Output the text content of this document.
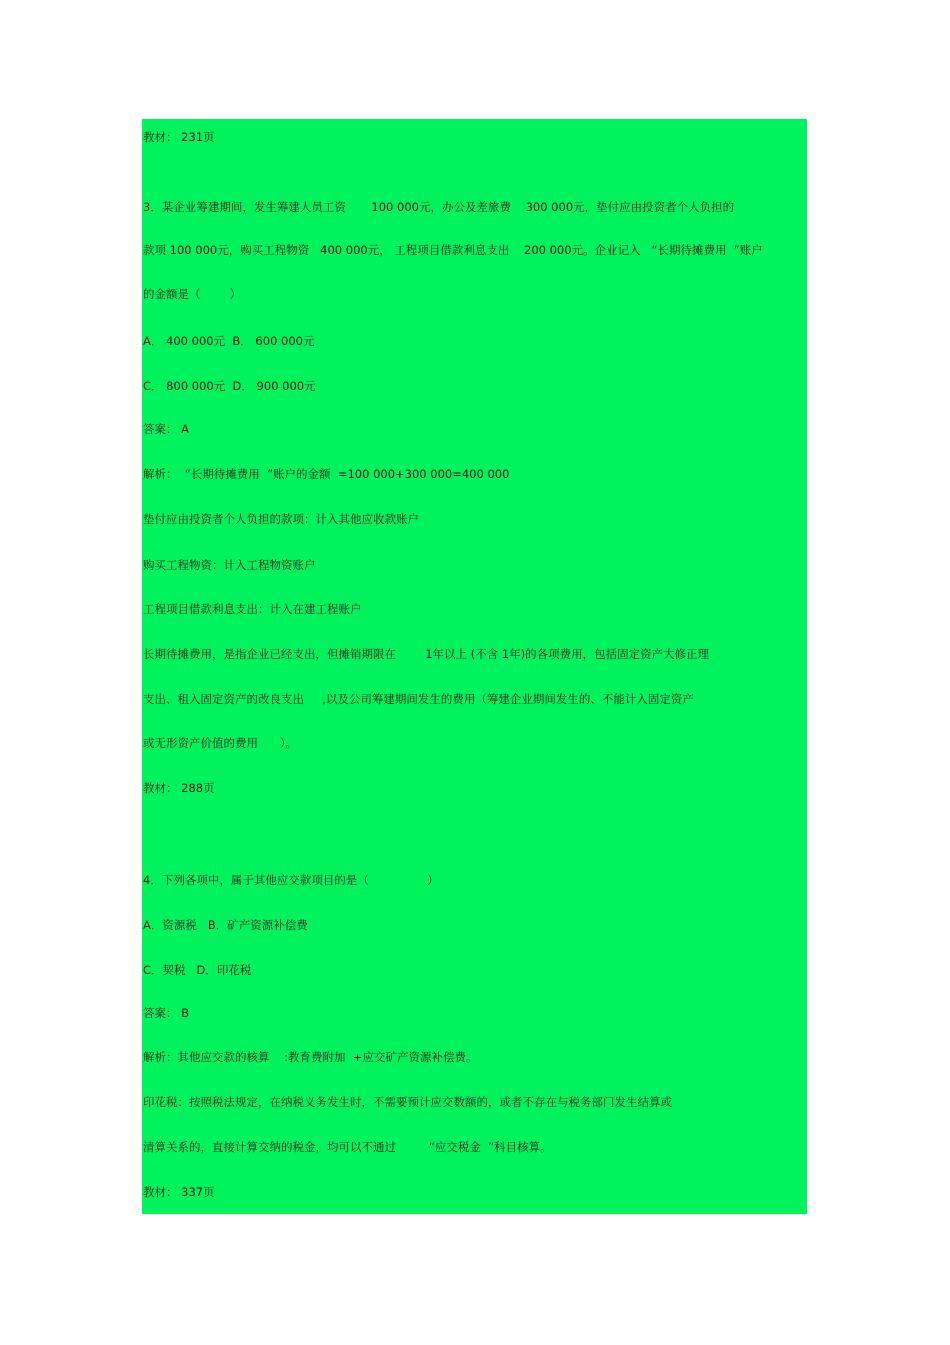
教材： 231页

3．某企业筹建期间，发生筹建人员工资       100 000元，办公及差旅费    300 000元，垫付应由投资者个人负担的

款项 100 000元，购买工程物资   400 000元， 工程项目借款利息支出    200 000元。企业记入   “长期待摊费用  ”账户

的金额是（        ）

A． 400 000元  B． 600 000元

C． 800 000元  D． 900 000元

答案： A

解析：  “长期待摊费用  ”账户的金额  =100 000+300 000=400 000

垫付应由投资者个人负担的款项：计入其他应收款账户

购买工程物资：计入工程物资账户

工程项目借款利息支出：计入在建工程账户

长期待摊费用，是指企业已经支出，但摊销期限在        1年以上 (不含 1年)的各项费用，包括固定资产大修正理

支出、租入固定资产的改良支出     ,以及公司筹建期间发生的费用（筹建企业期间发生的、不能计入固定资产

或无形资产价值的费用      ）。

教材： 288页

4．下列各项中，属于其他应交款项目的是（                ）

A．资源税   B．矿产资源补偿费

C．契税   D．印花税

答案： B

解析：其他应交款的核算    :教育费附加  +应交矿产资源补偿费。

印花税：按照税法规定，在纳税义务发生时，不需要预计应交数额的，或者不存在与税务部门发生结算或

清算关系的，直接计算交纳的税金，均可以不通过         “应交税金  ”科目核算。

教材： 337页
